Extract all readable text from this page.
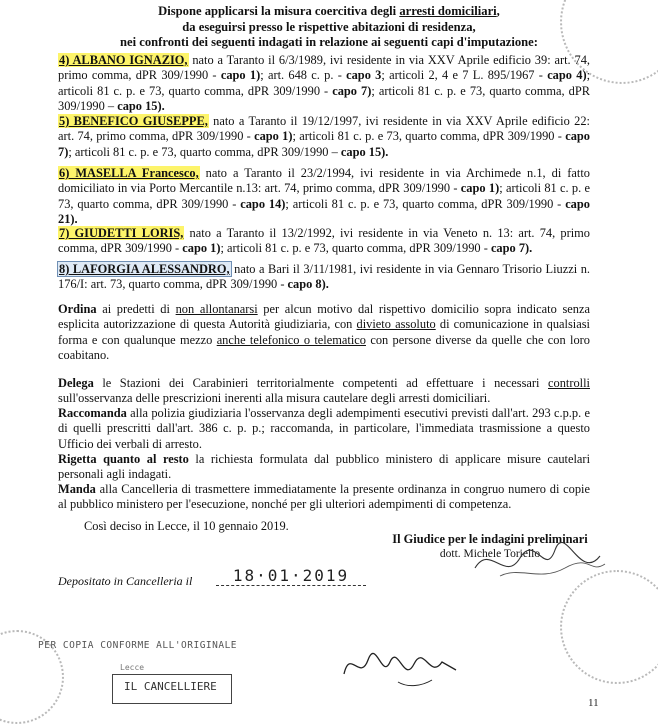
Dispone applicarsi la misura coercitiva degli arresti domiciliari,
da eseguirsi presso le rispettive abitazioni di residenza,
nei confronti dei seguenti indagati in relazione ai seguenti capi d'imputazione:
4) ALBANO IGNAZIO, nato a Taranto il 6/3/1989, ivi residente in via XXV Aprile edificio 39: art. 74, primo comma, dPR 309/1990 - capo 1); art. 648 c. p. - capo 3; articoli 2, 4 e 7 L. 895/1967 - capo 4); articoli 81 c. p. e 73, quarto comma, dPR 309/1990 - capo 7); articoli 81 c. p. e 73, quarto comma, dPR 309/1990 – capo 15).
5) BENEFICO GIUSEPPE, nato a Taranto il 19/12/1997, ivi residente in via XXV Aprile edificio 22: art. 74, primo comma, dPR 309/1990 - capo 1); articoli 81 c. p. e 73, quarto comma, dPR 309/1990 - capo 7); articoli 81 c. p. e 73, quarto comma, dPR 309/1990 – capo 15).
6) MASELLA Francesco, nato a Taranto il 23/2/1994, ivi residente in via Archimede n.1, di fatto domiciliato in via Porto Mercantile n.13: art. 74, primo comma, dPR 309/1990 - capo 1); articoli 81 c. p. e 73, quarto comma, dPR 309/1990 - capo 14); articoli 81 c. p. e 73, quarto comma, dPR 309/1990 - capo 21).
7) GIUDETTI LORIS, nato a Taranto il 13/2/1992, ivi residente in via Veneto n. 13: art. 74, primo comma, dPR 309/1990 - capo 1); articoli 81 c. p. e 73, quarto comma, dPR 309/1990 - capo 7).
8) LAFORGIA ALESSANDRO, nato a Bari il 3/11/1981, ivi residente in via Gennaro Trisorio Liuzzi n. 176/I: art. 73, quarto comma, dPR 309/1990 - capo 8).
Ordina ai predetti di non allontanarsi per alcun motivo dal rispettivo domicilio sopra indicato senza esplicita autorizzazione di questa Autorità giudiziaria, con divieto assoluto di comunicazione in qualsiasi forma e con qualunque mezzo anche telefonico o telematico con persone diverse da quelle che con loro coabitano.
Delega le Stazioni dei Carabinieri territorialmente competenti ad effettuare i necessari controlli sull'osservanza delle prescrizioni inerenti alla misura cautelare degli arresti domiciliari.
Raccomanda alla polizia giudiziaria l'osservanza degli adempimenti esecutivi previsti dall'art. 293 c.p.p. e di quelli prescritti dall'art. 386 c. p. p.; raccomanda, in particolare, l'immediata trasmissione a questo Ufficio dei verbali di arresto.
Rigetta quanto al resto la richiesta formulata dal pubblico ministero di applicare misure cautelari personali agli indagati.
Manda alla Cancelleria di trasmettere immediatamente la presente ordinanza in congruo numero di copie al pubblico ministero per l'esecuzione, nonché per gli ulteriori adempimenti di competenza.
Così deciso in Lecce, il 10 gennaio 2019.
Il Giudice per le indagini preliminari
dott. Michele Toriello
Depositato in Cancelleria il	18·01·2019
PER COPIA CONFORME ALL'ORIGINALE
Lecce
IL CANCELLIERE
11
